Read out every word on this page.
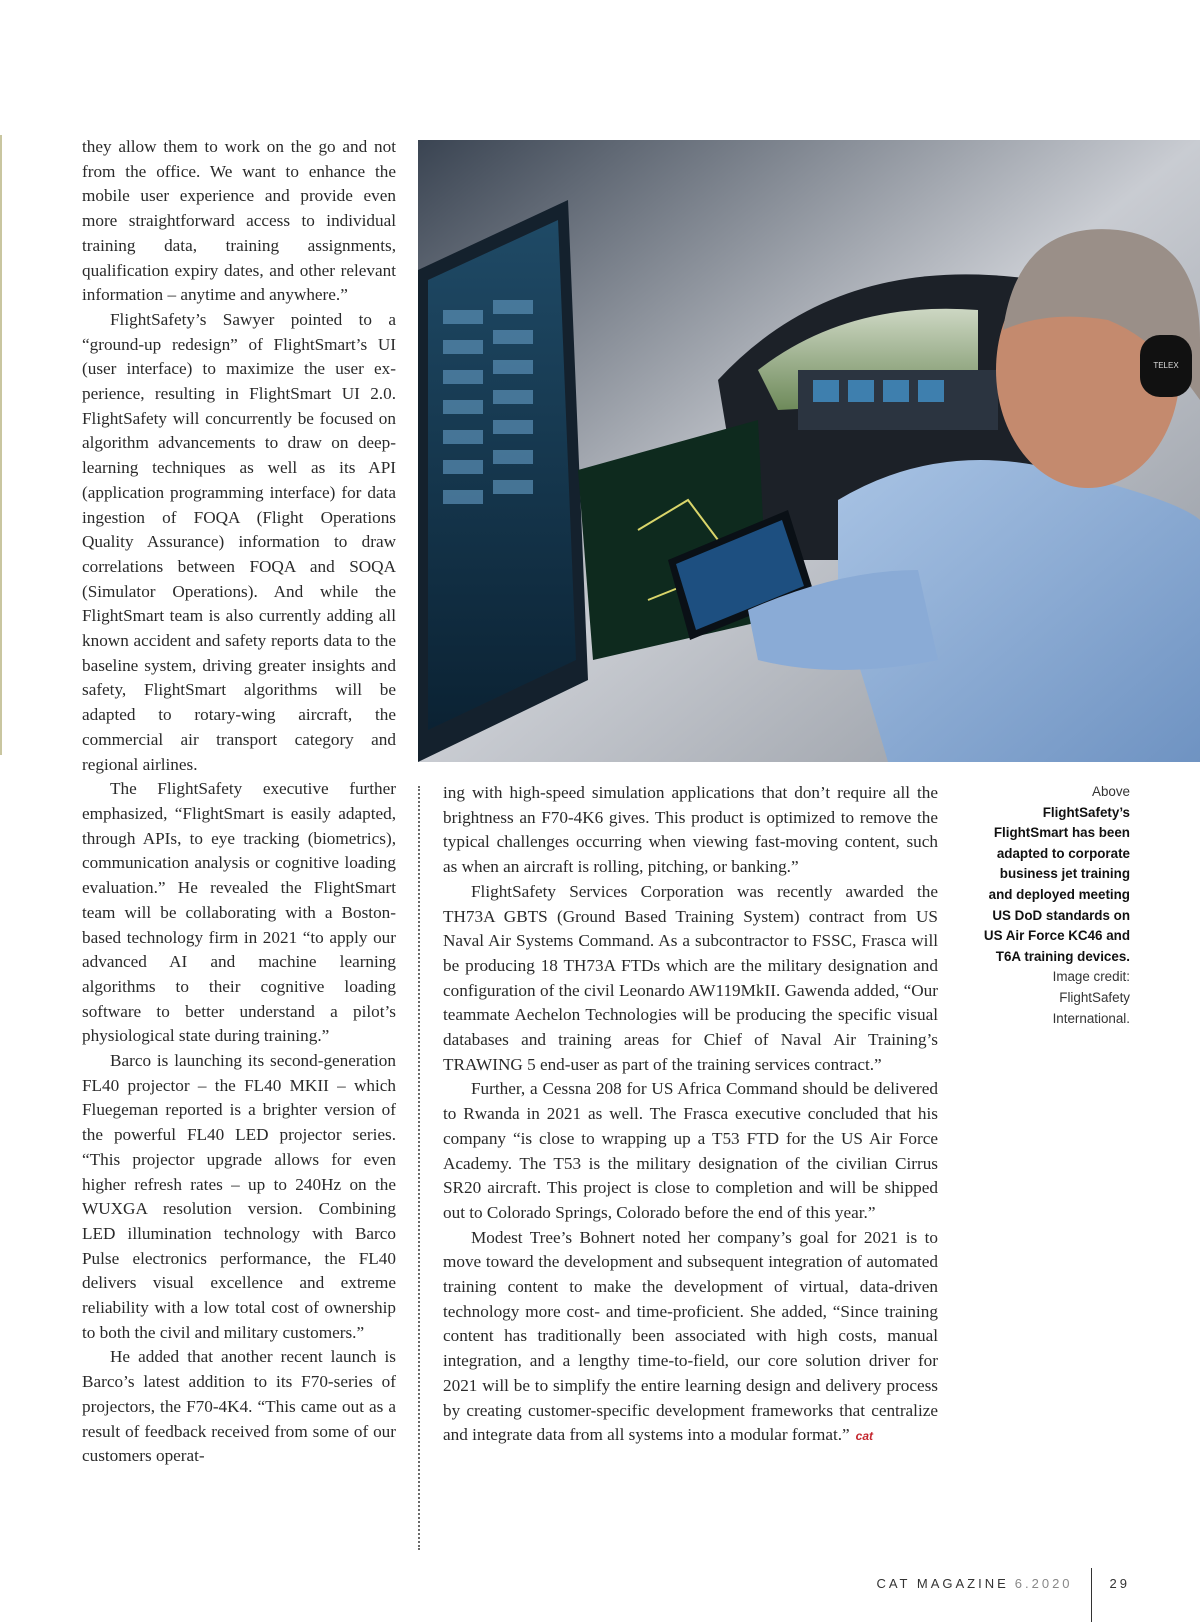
they allow them to work on the go and not from the office. We want to enhance the mobile user experience and provide even more straightforward access to individual training data, training assignments, qualification expiry dates, and other relevant information – anytime and anywhere.”

FlightSafety’s Sawyer pointed to a “ground-up redesign” of FlightSmart’s UI (user interface) to maximize the user experience, resulting in FlightSmart UI 2.0. FlightSafety will concurrently be focused on algorithm advancements to draw on deep-learning techniques as well as its API (application programming interface) for data ingestion of FOQA (Flight Operations Quality Assurance) information to draw correlations between FOQA and SOQA (Simulator Operations). And while the FlightSmart team is also currently adding all known accident and safety reports data to the baseline system, driving greater insights and safety, FlightSmart algorithms will be adapted to rotary-wing aircraft, the commercial air transport category and regional airlines.

The FlightSafety executive further emphasized, “FlightSmart is easily adapted, through APIs, to eye tracking (biometrics), communication analysis or cognitive loading evaluation.” He revealed the FlightSmart team will be collaborating with a Boston-based technology firm in 2021 “to apply our advanced AI and machine learning algorithms to their cognitive loading software to better understand a pilot’s physiological state during training.”

Barco is launching its second-generation FL40 projector – the FL40 MKII – which Fluegeman reported is a brighter version of the powerful FL40 LED projector series. “This projector upgrade allows for even higher refresh rates – up to 240Hz on the WUXGA resolution version. Combining LED illumination technology with Barco Pulse electronics performance, the FL40 delivers visual excellence and extreme reliability with a low total cost of ownership to both the civil and military customers.”

He added that another recent launch is Barco’s latest addition to its F70-series of projectors, the F70-4K4. “This came out as a result of feedback received from some of our customers operat-

TELEX

ing with high-speed simulation applications that don’t require all the brightness an F70-4K6 gives. This product is optimized to remove the typical challenges occurring when viewing fast-moving content, such as when an aircraft is rolling, pitching, or banking.”

FlightSafety Services Corporation was recently awarded the TH73A GBTS (Ground Based Training System) contract from US Naval Air Systems Command. As a subcontractor to FSSC, Frasca will be producing 18 TH73A FTDs which are the military designation and configuration of the civil Leonardo AW119MkII. Gawenda added, “Our teammate Aechelon Technologies will be producing the specific visual databases and training areas for Chief of Naval Air Training’s TRAWING 5 end-user as part of the training services contract.”

Further, a Cessna 208 for US Africa Command should be delivered to Rwanda in 2021 as well. The Frasca executive concluded that his company “is close to wrapping up a T53 FTD for the US Air Force Academy. The T53 is the military designation of the civilian Cirrus SR20 aircraft. This project is close to completion and will be shipped out to Colorado Springs, Colorado before the end of this year.”

Modest Tree’s Bohnert noted her company’s goal for 2021 is to move toward the development and subsequent integration of automated training content to make the development of virtual, data-driven technology more cost- and time-proficient. She added, “Since training content has traditionally been associated with high costs, manual integration, and a lengthy time-to-field, our core solution driver for 2021 will be to simplify the entire learning design and delivery process by creating customer-specific development frameworks that centralize and integrate data from all systems into a modular format.” cat

Above
FlightSafety’s FlightSmart has been adapted to corporate business jet training and deployed meeting US DoD standards on US Air Force KC46 and T6A training devices.
Image credit: FlightSafety International.
CAT MAGAZINE 6.2020	29
